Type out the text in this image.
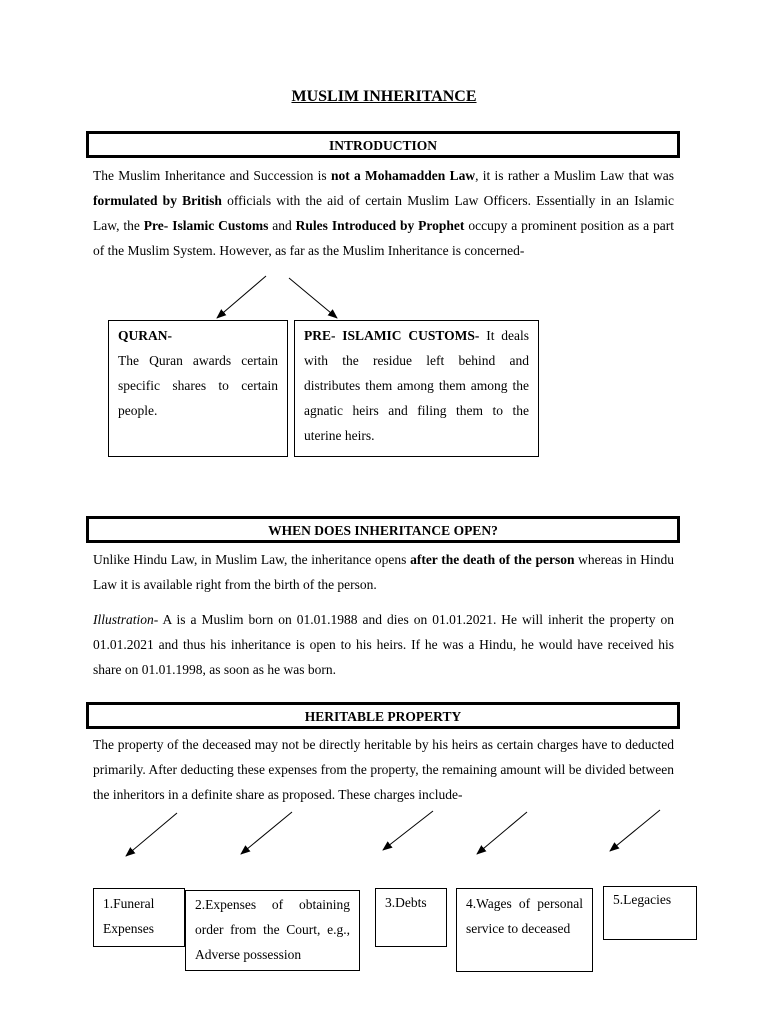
MUSLIM INHERITANCE
INTRODUCTION

The Muslim Inheritance and Succession is not a Mohamadden Law, it is rather a Muslim Law that was formulated by British officials with the aid of certain Muslim Law Officers. Essentially in an Islamic Law, the Pre- Islamic Customs and Rules Introduced by Prophet occupy a prominent position as a part of the Muslim System. However, as far as the Muslim Inheritance is concerned-

QURAN-
The Quran awards certain specific shares to certain people.
PRE- ISLAMIC CUSTOMS- It deals with the residue left behind and distributes them among them among the agnatic heirs and filing them to the uterine heirs.
WHEN DOES INHERITANCE OPEN?

Unlike Hindu Law, in Muslim Law, the inheritance opens after the death of the person whereas in Hindu Law it is available right from the birth of the person.

Illustration- A is a Muslim born on 01.01.1988 and dies on 01.01.2021. He will inherit the property on 01.01.2021 and thus his inheritance is open to his heirs. If he was a Hindu, he would have received his share on 01.01.1998, as soon as he was born.

HERITABLE PROPERTY

The property of the deceased may not be directly heritable by his heirs as certain charges have to deducted primarily. After deducting these expenses from the property, the remaining amount will be divided between the inheritors in a definite share as proposed. These charges include-

1.Funeral Expenses
2.Expenses of obtaining order from the Court, e.g., Adverse possession
3.Debts	4.Wages of personal service to deceased
5.Legacies
